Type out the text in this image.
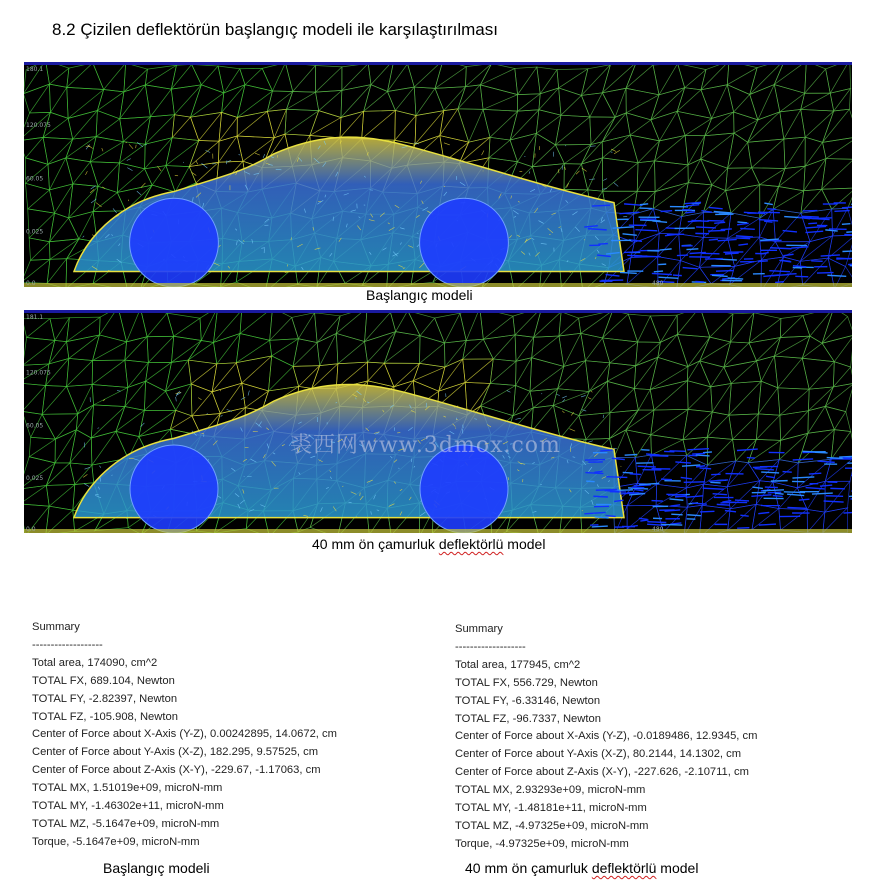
8.2 Çizilen deflektörün başlangıç modeli ile karşılaştırılması
180.1
120.075
60.05
0.025
0.0	480
Başlangıç modeli
181.1
120.075
60.05
0.025
0.0	480
裘西网www.3dmox.com
40 mm ön çamurluk deflektörlü model
Summary
-------------------
Total area, 174090, cm^2
TOTAL FX, 689.104, Newton
TOTAL FY, -2.82397, Newton
TOTAL FZ, -105.908, Newton
Center of Force about X-Axis (Y-Z), 0.00242895, 14.0672, cm
Center of Force about Y-Axis (X-Z), 182.295, 9.57525, cm
Center of Force about Z-Axis (X-Y), -229.67, -1.17063, cm
TOTAL MX, 1.51019e+09, microN-mm
TOTAL MY, -1.46302e+11, microN-mm
TOTAL MZ, -5.1647e+09, microN-mm
Torque, -5.1647e+09, microN-mm
Summary
-------------------
Total area, 177945, cm^2
TOTAL FX, 556.729, Newton
TOTAL FY, -6.33146, Newton
TOTAL FZ, -96.7337, Newton
Center of Force about X-Axis (Y-Z), -0.0189486, 12.9345, cm
Center of Force about Y-Axis (X-Z), 80.2144, 14.1302, cm
Center of Force about Z-Axis (X-Y), -227.626, -2.10711, cm
TOTAL MX, 2.93293e+09, microN-mm
TOTAL MY, -1.48181e+11, microN-mm
TOTAL MZ, -4.97325e+09, microN-mm
Torque, -4.97325e+09, microN-mm
Başlangıç modeli	40 mm ön çamurluk deflektörlü model
